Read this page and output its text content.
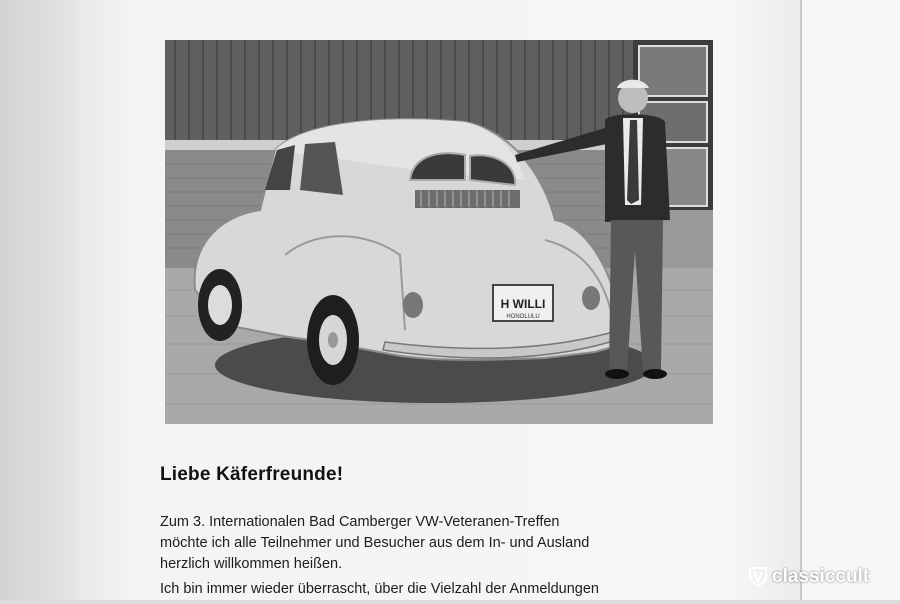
H WILLI
HONOLULU
Liebe Käferfreunde!

Zum 3. Internationalen Bad Camberger VW-Veteranen-Treffen
möchte ich alle Teilnehmer und Besucher aus dem In- und Ausland
herzlich willkommen heißen.

Ich bin immer wieder überrascht, über die Vielzahl der Anmeldungen

classiccult
